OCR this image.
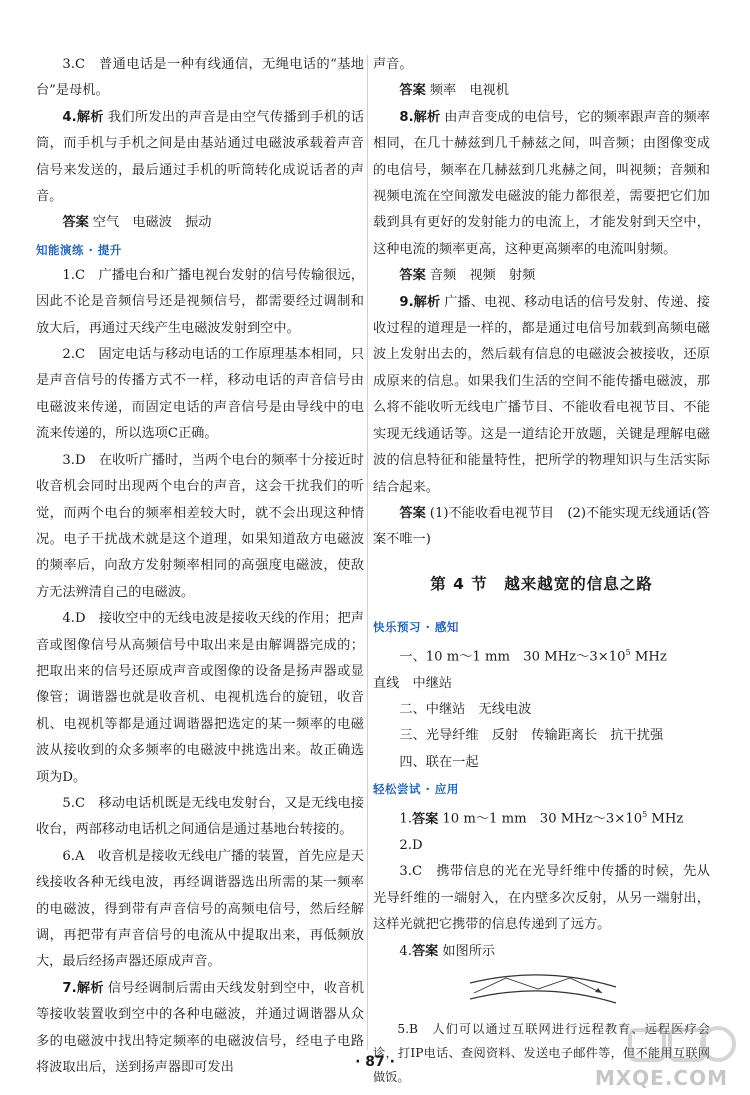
3.C　普通电话是一种有线通信，无绳电话的“基地台”是母机。

4.解析 我们所发出的声音是由空气传播到手机的话筒，而手机与手机之间是由基站通过电磁波承载着声音信号来发送的，最后通过手机的听筒转化成说话者的声音。

答案 空气　电磁波　振动

知能演练 · 提升

1.C　广播电台和广播电视台发射的信号传输很远，因此不论是音频信号还是视频信号，都需要经过调制和放大后，再通过天线产生电磁波发射到空中。

2.C　固定电话与移动电话的工作原理基本相同，只是声音信号的传播方式不一样，移动电话的声音信号由电磁波来传递，而固定电话的声音信号是由导线中的电流来传递的，所以选项C正确。

3.D　在收听广播时，当两个电台的频率十分接近时收音机会同时出现两个电台的声音，这会干扰我们的听觉，而两个电台的频率相差较大时，就不会出现这种情况。电子干扰战术就是这个道理，如果知道敌方电磁波的频率后，向敌方发射频率相同的高强度电磁波，使敌方无法辨清自己的电磁波。

4.D　接收空中的无线电波是接收天线的作用；把声音或图像信号从高频信号中取出来是由解调器完成的；把取出来的信号还原成声音或图像的设备是扬声器或显像管；调谐器也就是收音机、电视机选台的旋钮，收音机、电视机等都是通过调谐器把选定的某一频率的电磁波从接收到的众多频率的电磁波中挑选出来。故正确选项为D。

5.C　移动电话机既是无线电发射台，又是无线电接收台，两部移动电话机之间通信是通过基地台转接的。

6.A　收音机是接收无线电广播的装置，首先应是天线接收各种无线电波，再经调谐器选出所需的某一频率的电磁波，得到带有声音信号的高频电信号，然后经解调，再把带有声音信号的电流从中提取出来，再低频放大，最后经扬声器还原成声音。

7.解析 信号经调制后需由天线发射到空中，收音机等接收装置收到空中的各种电磁波，并通过调谐器从众多的电磁波中找出特定频率的电磁波信号，经电子电路将波取出后，送到扬声器即可发出

声音。

答案 频率　电视机

8.解析 由声音变成的电信号，它的频率跟声音的频率相同，在几十赫兹到几千赫兹之间，叫音频；由图像变成的电信号，频率在几赫兹到几兆赫之间，叫视频；音频和视频电流在空间激发电磁波的能力都很差，需要把它们加载到具有更好的发射能力的电流上，才能发射到天空中，这种电流的频率更高，这种更高频率的电流叫射频。

答案 音频　视频　射频

9.解析 广播、电视、移动电话的信号发射、传递、接收过程的道理是一样的，都是通过电信号加载到高频电磁波上发射出去的，然后载有信息的电磁波会被接收，还原成原来的信息。如果我们生活的空间不能传播电磁波，那么将不能收听无线电广播节目、不能收看电视节目、不能实现无线通话等。这是一道结论开放题，关键是理解电磁波的信息特征和能量特性，把所学的物理知识与生活实际结合起来。

答案 (1)不能收看电视节目　(2)不能实现无线通话(答案不唯一)

第 4 节　越来越宽的信息之路
快乐预习 · 感知

一、10 m～1 mm　30 $MHz\sim 3\times 10^5$ MHz

直线　中继站

二、中继站　无线电波

三、光导纤维　反射　传输距离长　抗干扰强

四、联在一起

轻松尝试 · 应用

1.答案 10 m～1 mm　30 $MHz\sim 3\times 10^5$ MHz

2.D

3.C　携带信息的光在光导纤维中传播的时候，先从光导纤维的一端射入，在内壁多次反射，从另一端射出，这样光就把它携带的信息传递到了远方。

4.答案 如图所示

5.B　人们可以通过互联网进行远程教育、远程医疗会诊，打IP电话、查阅资料、发送电子邮件等，但不能用互联网做饭。

· 87 ·
MXQE.COM
